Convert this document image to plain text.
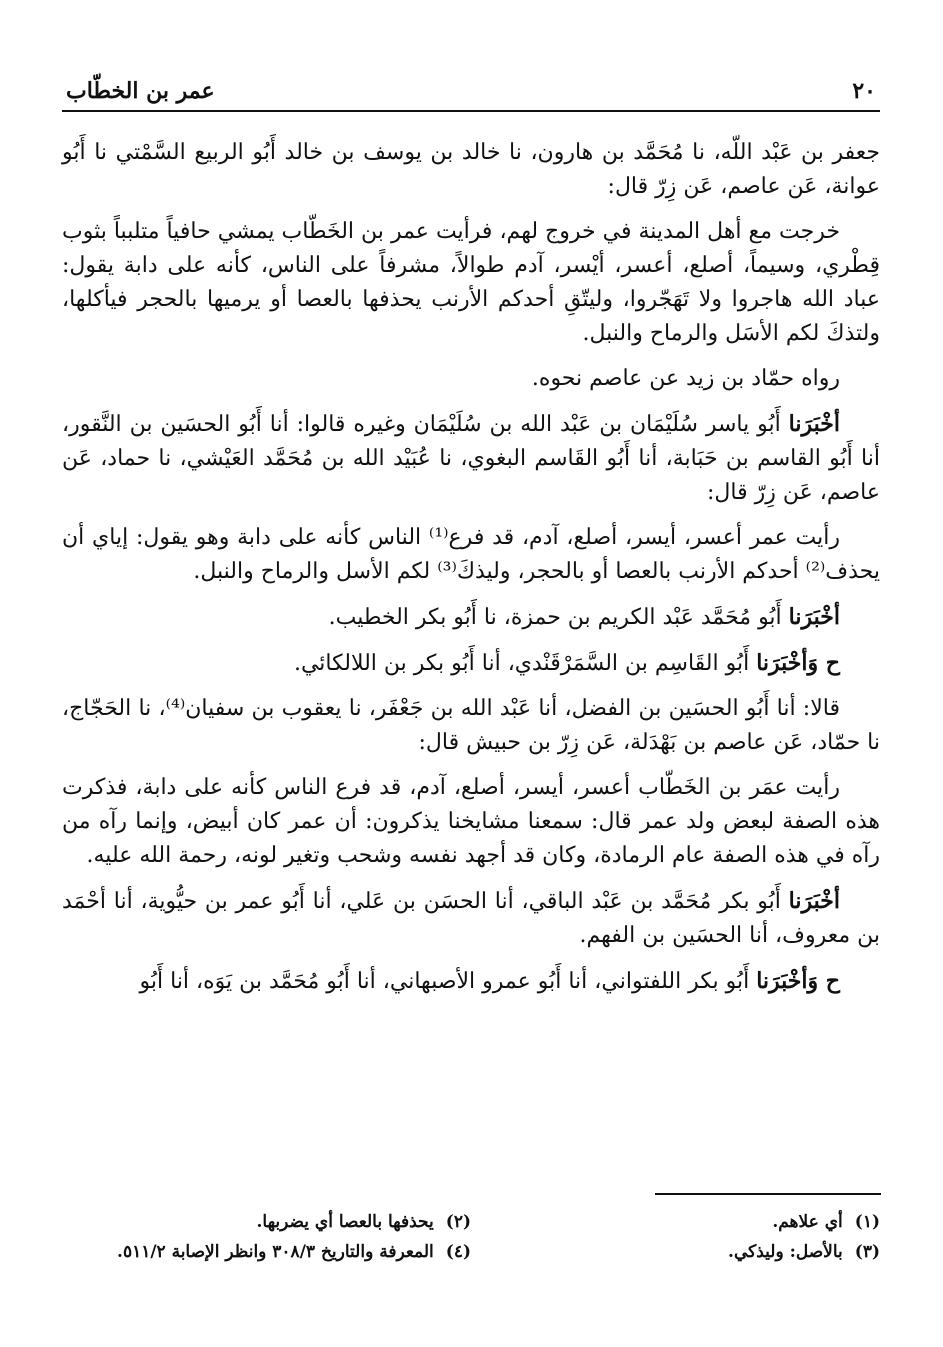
٢٠
عمر بن الخطّاب

جعفر بن عَبْد اللّه، نا مُحَمَّد بن هارون، نا خالد بن يوسف بن خالد أَبُو الربيع السَّمْتي نا أَبُو عوانة، عَن عاصم، عَن زِرّ قال:

خرجت مع أهل المدينة في خروج لهم، فرأيت عمر بن الخَطّاب يمشي حافياً متلبباً بثوب قِطْري، وسيماً، أصلع، أعسر، أيْسر، آدم طوالاً، مشرفاً على الناس، كأنه على دابة يقول: عباد الله هاجروا ولا تَهَجّروا، وليتّقِ أحدكم الأرنب يحذفها بالعصا أو يرميها بالحجر فيأكلها، ولتذكَ لكم الأسَل والرماح والنبل.

رواه حمّاد بن زيد عن عاصم نحوه.

أخْبَرَنا أَبُو ياسر سُلَيْمَان بن عَبْد الله بن سُلَيْمَان وغيره قالوا: أنا أَبُو الحسَين بن النَّقور، أنا أَبُو القاسم بن حَبَابة، أنا أَبُو القَاسم البغوي، نا عُبَيْد الله بن مُحَمَّد العَيْشي، نا حماد، عَن عاصم، عَن زِرّ قال:

رأيت عمر أعسر، أيسر، أصلع، آدم، قد فرع⁽¹⁾ الناس كأنه على دابة وهو يقول: إياي أن يحذف⁽²⁾ أحدكم الأرنب بالعصا أو بالحجر، وليذكَ⁽³⁾ لكم الأسل والرماح والنبل.

أخْبَرَنا أَبُو مُحَمَّد عَبْد الكريم بن حمزة، نا أَبُو بكر الخطيب.

ح وَأخْبَرَنا أَبُو القَاسِم بن السَّمَرْقَنْدي، أنا أَبُو بكر بن اللالكائي.

قالا: أنا أَبُو الحسَين بن الفضل، أنا عَبْد الله بن جَعْفَر، نا يعقوب بن سفيان⁽⁴⁾، نا الحَجّاج، نا حمّاد، عَن عاصم بن بَهْدَلة، عَن زِرّ بن حبيش قال:

رأيت عمَر بن الخَطّاب أعسر، أيسر، أصلع، آدم، قد فرع الناس كأنه على دابة، فذكرت هذه الصفة لبعض ولد عمر قال: سمعنا مشايخنا يذكرون: أن عمر كان أبيض، وإنما رآه من رآه في هذه الصفة عام الرمادة، وكان قد أجهد نفسه وشحب وتغير لونه، رحمة الله عليه.

أخْبَرَنا أَبُو بكر مُحَمَّد بن عَبْد الباقي، أنا الحسَن بن عَلي، أنا أَبُو عمر بن حيُّوية، أنا أحْمَد بن معروف، أنا الحسَين بن الفهم.

ح وَأخْبَرَنا أَبُو بكر اللفتواني، أنا أَبُو عمرو الأصبهاني، أنا أَبُو مُحَمَّد بن يَوَه، أنا أَبُو

(١)أي علاهم.
(٢)يحذفها بالعصا أي يضربها.
(٣)بالأصل: وليذكي.
(٤)المعرفة والتاريخ ٣٠٨/٣ وانظر الإصابة ٥١١/٢.
